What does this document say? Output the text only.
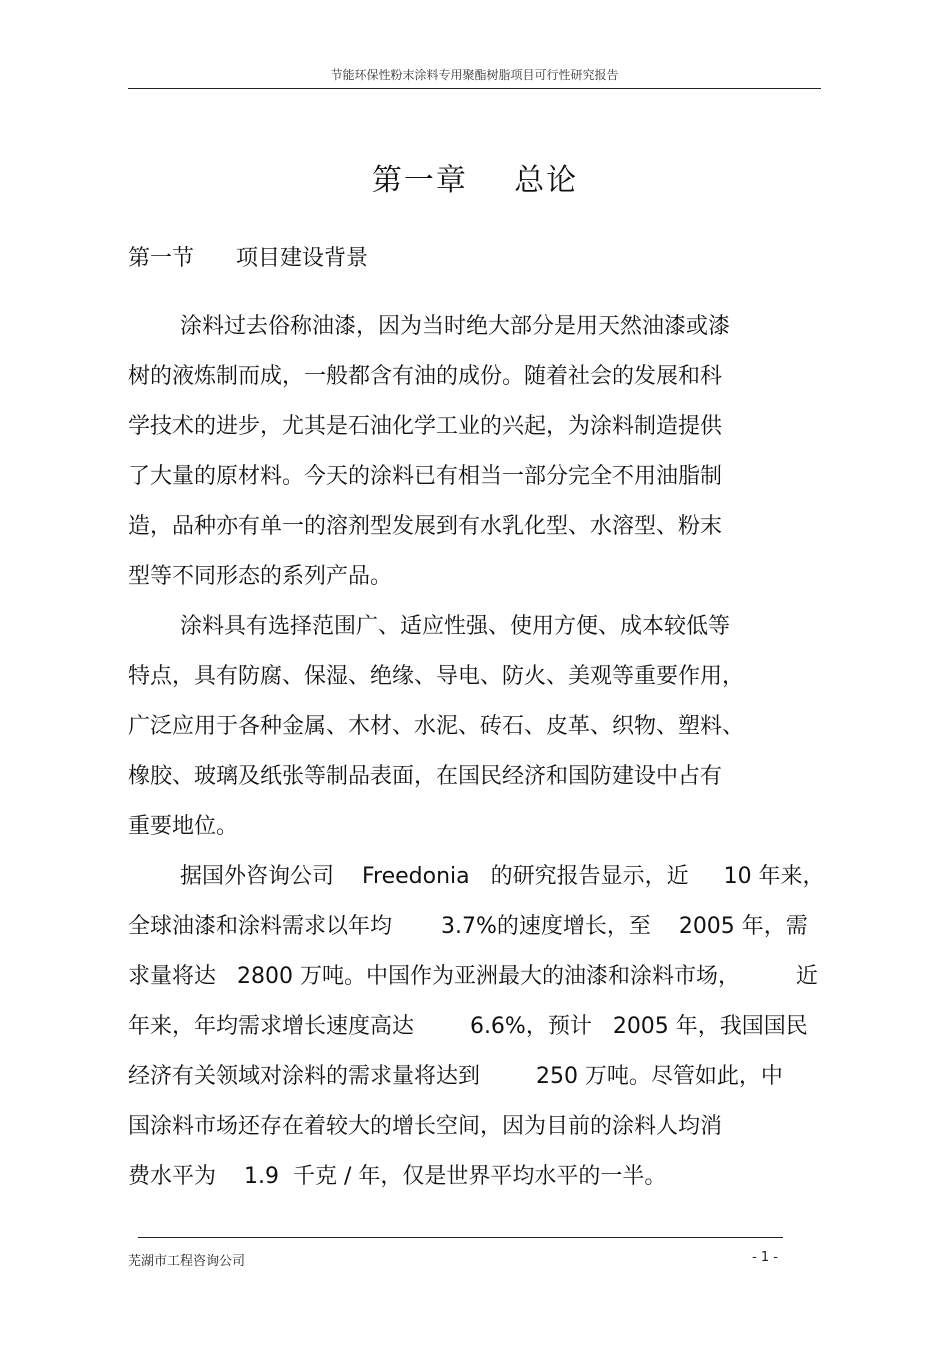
节能环保性粉末涂料专用聚酯树脂项目可行性研究报告
第一章    总论
第一节      项目建设背景
涂料过去俗称油漆，因为当时绝大部分是用天然油漆或漆
树的液炼制而成，一般都含有油的成份。随着社会的发展和科
学技术的进步，尤其是石油化学工业的兴起，为涂料制造提供
了大量的原材料。今天的涂料已有相当一部分完全不用油脂制
造，品种亦有单一的溶剂型发展到有水乳化型、水溶型、粉末
型等不同形态的系列产品。
涂料具有选择范围广、适应性强、使用方便、成本较低等
特点，具有防腐、保湿、绝缘、导电、防火、美观等重要作用，
广泛应用于各种金属、木材、水泥、砖石、皮革、织物、塑料、
橡胶、玻璃及纸张等制品表面，在国民经济和国防建设中占有
重要地位。
据国外咨询公司    Freedonia   的研究报告显示，近     10 年来，
全球油漆和涂料需求以年均       3.7%的速度增长，至    2005 年，需
求量将达   2800 万吨。中国作为亚洲最大的油漆和涂料市场，        近
年来，年均需求增长速度高达        6.6%，预计   2005 年，我国国民
经济有关领域对涂料的需求量将达到        250 万吨。尽管如此，中
国涂料市场还存在着较大的增长空间，因为目前的涂料人均消
费水平为    1.9  千克 / 年，仅是世界平均水平的一半。
芜湖市工程咨询公司	- 1 -
